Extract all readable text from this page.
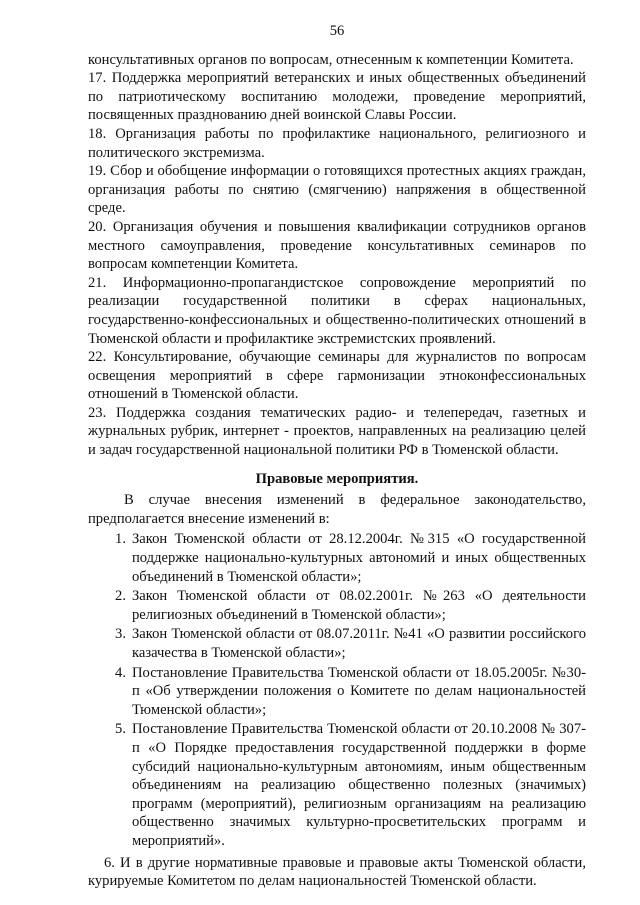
56

консультативных органов по вопросам, отнесенным к компетенции Комитета.

17. Поддержка мероприятий ветеранских и иных общественных объединений по патриотическому воспитанию молодежи, проведение мероприятий, посвященных празднованию дней воинской Славы России.

18. Организация работы по профилактике национального, религиозного и политического экстремизма.

19. Сбор и обобщение информации о готовящихся протестных акциях граждан, организация работы по снятию (смягчению) напряжения в общественной среде.

20. Организация обучения и повышения квалификации сотрудников органов местного самоуправления, проведение консультативных семинаров по вопросам компетенции Комитета.

21. Информационно-пропагандистское сопровождение мероприятий по реализации государственной политики в сферах национальных, государственно-конфессиональных и общественно-политических отношений в Тюменской области и профилактике экстремистских проявлений.

22. Консультирование, обучающие семинары для журналистов по вопросам освещения мероприятий в сфере гармонизации этноконфессиональных отношений в Тюменской области.

23. Поддержка создания тематических радио- и телепередач, газетных и журнальных рубрик, интернет - проектов, направленных на реализацию целей и задач государственной национальной политики РФ в Тюменской области.

Правовые мероприятия.

В случае внесения изменений в федеральное законодательство, предполагается внесение изменений в:

1. Закон Тюменской области от 28.12.2004г. №315 «О государственной поддержке национально-культурных автономий и иных общественных объединений в Тюменской области»;
2. Закон Тюменской области от 08.02.2001г. №263 «О деятельности религиозных объединений в Тюменской области»;
3. Закон Тюменской области от 08.07.2011г. №41 «О развитии российского казачества в Тюменской области»;
4. Постановление Правительства Тюменской области от 18.05.2005г. №30-п «Об утверждении положения о Комитете по делам национальностей Тюменской области»;
5. Постановление Правительства Тюменской области от 20.10.2008 № 307-п «О Порядке предоставления государственной поддержки в форме субсидий национально-культурным автономиям, иным общественным объединениям на реализацию общественно полезных (значимых) программ (мероприятий), религиозным организациям на реализацию общественно значимых культурно-просветительских программ и мероприятий».

6. И в другие нормативные правовые и правовые акты Тюменской области, курируемые Комитетом по делам национальностей Тюменской области.
